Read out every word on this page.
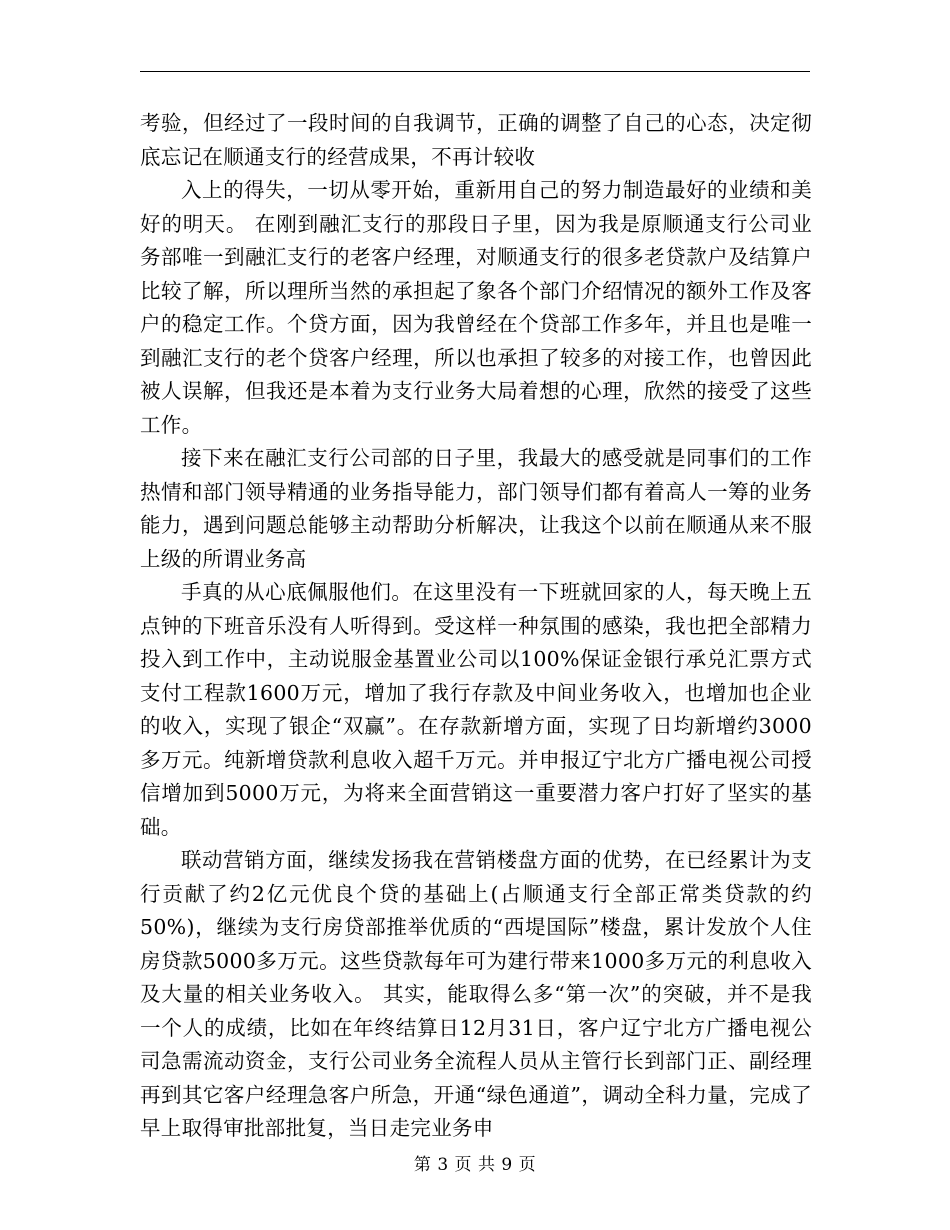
考验，但经过了一段时间的自我调节，正确的调整了自己的心态，决定彻底忘记在顺通支行的经营成果，不再计较收

入上的得失，一切从零开始，重新用自己的努力制造最好的业绩和美好的明天。 在刚到融汇支行的那段日子里，因为我是原顺通支行公司业务部唯一到融汇支行的老客户经理，对顺通支行的很多老贷款户及结算户比较了解，所以理所当然的承担起了象各个部门介绍情况的额外工作及客户的稳定工作。个贷方面，因为我曾经在个贷部工作多年，并且也是唯一到融汇支行的老个贷客户经理，所以也承担了较多的对接工作，也曾因此被人误解，但我还是本着为支行业务大局着想的心理，欣然的接受了这些工作。

接下来在融汇支行公司部的日子里，我最大的感受就是同事们的工作热情和部门领导精通的业务指导能力，部门领导们都有着高人一筹的业务能力，遇到问题总能够主动帮助分析解决，让我这个以前在顺通从来不服上级的所谓业务高

手真的从心底佩服他们。在这里没有一下班就回家的人，每天晚上五点钟的下班音乐没有人听得到。受这样一种氛围的感染，我也把全部精力投入到工作中，主动说服金基置业公司以100%保证金银行承兑汇票方式支付工程款1600万元，增加了我行存款及中间业务收入，也增加也企业的收入，实现了银企“双赢”。在存款新增方面，实现了日均新增约3000多万元。纯新增贷款利息收入超千万元。并申报辽宁北方广播电视公司授信增加到5000万元，为将来全面营销这一重要潜力客户打好了坚实的基础。

联动营销方面，继续发扬我在营销楼盘方面的优势，在已经累计为支行贡献了约2亿元优良个贷的基础上(占顺通支行全部正常类贷款的约50%)，继续为支行房贷部推举优质的“西堤国际”楼盘，累计发放个人住房贷款5000多万元。这些贷款每年可为建行带来1000多万元的利息收入及大量的相关业务收入。 其实，能取得么多“第一次”的突破，并不是我一个人的成绩，比如在年终结算日12月31日，客户辽宁北方广播电视公司急需流动资金，支行公司业务全流程人员从主管行长到部门正、副经理再到其它客户经理急客户所急，开通“绿色通道”，调动全科力量，完成了早上取得审批部批复，当日走完业务申

第 3 页 共 9 页
